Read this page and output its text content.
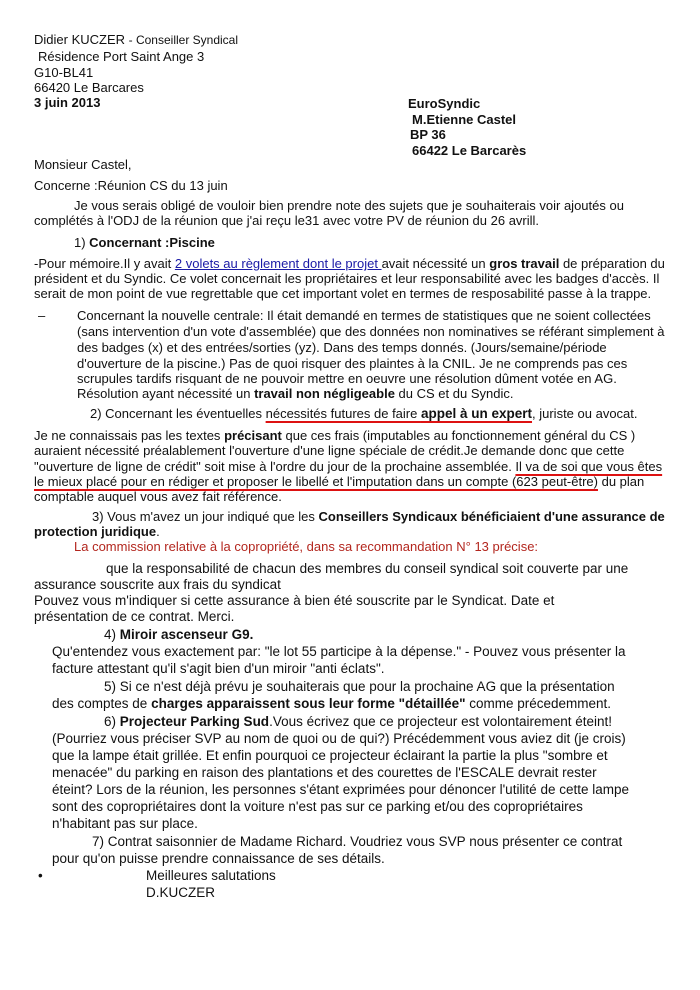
Didier KUCZER - Conseiller Syndical
Résidence Port Saint Ange 3
G10-BL41
66420 Le Barcares
3 juin 2013	EuroSyndic
M.Etienne Castel
BP 36
66422 Le Barcarès
Monsieur Castel,
Concerne :Réunion CS du 13 juin
Je vous serais obligé de vouloir bien prendre note des sujets que je souhaiterais voir ajoutés ou
complétés à l'ODJ de la réunion que j'ai reçu le31 avec votre PV de réunion du 26 avrill.
1) Concernant :Piscine
-Pour mémoire.Il y avait 2 volets au règlement dont le projet avait nécessité un gros travail de préparation du
président et du Syndic. Ce volet concernait les propriétaires et leur responsabilité avec les badges d'accès. Il
serait de mon point de vue regrettable que cet important volet en termes de resposabilité passe à la trappe.
– Concernant la nouvelle centrale: Il était demandé en termes de statistiques que ne soient collectées
(sans intervention d'un vote d'assemblée) que des données non nominatives se référant simplement à
des badges (x) et des entrées/sorties (yz). Dans des temps donnés. (Jours/semaine/période
d'ouverture de la piscine.) Pas de quoi risquer des plaintes à la CNIL. Je ne comprends pas ces
scrupules tardifs risquant de ne pouvoir mettre en oeuvre une résolution dûment votée en AG.
Résolution ayant nécessité un travail non négligeable du CS et du Syndic.
2) Concernant les éventuelles nécessités futures de faire appel à un expert, juriste ou avocat.
Je ne connaissais pas les textes précisant que ces frais (imputables au fonctionnement général du CS )
auraient nécessité préalablement l'ouverture d'une ligne spéciale de crédit.Je demande donc que cette
"ouverture de ligne de crédit" soit mise à l'ordre du jour de la prochaine assemblée. Il va de soi que vous êtes
le mieux placé pour en rédiger et proposer le libellé et l'imputation dans un compte (623 peut-être) du plan
comptable auquel vous avez fait référence.
3) Vous m'avez un jour indiqué que les Conseillers Syndicaux bénéficiaient d'une assurance de
protection juridique.
La commission relative à la copropriété, dans sa recommandation N° 13 précise:
que la responsabilité de chacun des membres du conseil syndical soit couverte par une
assurance souscrite aux frais du syndicat
Pouvez vous m'indiquer si cette assurance à bien été souscrite par le Syndicat. Date et
présentation de ce contrat. Merci.
4) Miroir ascenseur G9.
Qu'entendez vous exactement par: "le lot 55 participe à la dépense." - Pouvez vous présenter la
facture attestant qu'il s'agit bien d'un miroir "anti éclats".
5) Si ce n'est déjà prévu je souhaiterais que pour la prochaine AG que la présentation
des comptes de charges apparaissent sous leur forme "détaillée" comme précedemment.
6) Projecteur Parking Sud.Vous écrivez que ce projecteur est volontairement éteint!
(Pourriez vous préciser SVP au nom de quoi ou de qui?) Précédemment vous aviez dit (je crois)
que la lampe était grillée. Et enfin pourquoi ce projecteur éclairant la partie la plus "sombre et
menacée" du parking en raison des plantations et des courettes de l'ESCALE devrait rester
éteint? Lors de la réunion, les personnes s'étant exprimées pour dénoncer l'utilité de cette lampe
sont des copropriétaires dont la voiture n'est pas sur ce parking et/ou des copropriétaires
n'habitant pas sur place.
7) Contrat saisonnier de Madame Richard. Voudriez vous SVP nous présenter ce contrat
pour qu'on puisse prendre connaissance de ses détails.
•	Meilleures salutations
D.KUCZER
